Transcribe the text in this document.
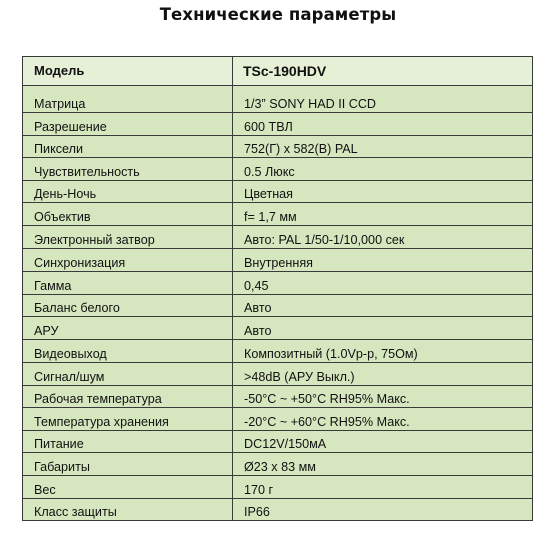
Технические параметры
Модель	TSc-190HDV
Матрица	1/3” SONY HAD II CCD
Разрешение	600 ТВЛ
Пиксели	752(Г) x 582(В) PAL
Чувствительность	0.5 Люкс
День-Ночь	Цветная
Объектив	f= 1,7 мм
Электронный затвор	Авто: PAL 1/50-1/10,000 сек
Синхронизация	Внутренняя
Гамма	0,45
Баланс белого	Авто
АРУ	Авто
Видеовыход	Композитный (1.0Vp-p, 75Ом)
Сигнал/шум	>48dB (АРУ Выкл.)
Рабочая температура	-50°C ~ +50°C RH95% Макс.
Температура хранения	-20°C ~ +60°C RH95% Макс.
Питание	DC12V/150мА
Габариты	Ø23 x 83 мм
Вес	170 г
Класс защиты	IP66
